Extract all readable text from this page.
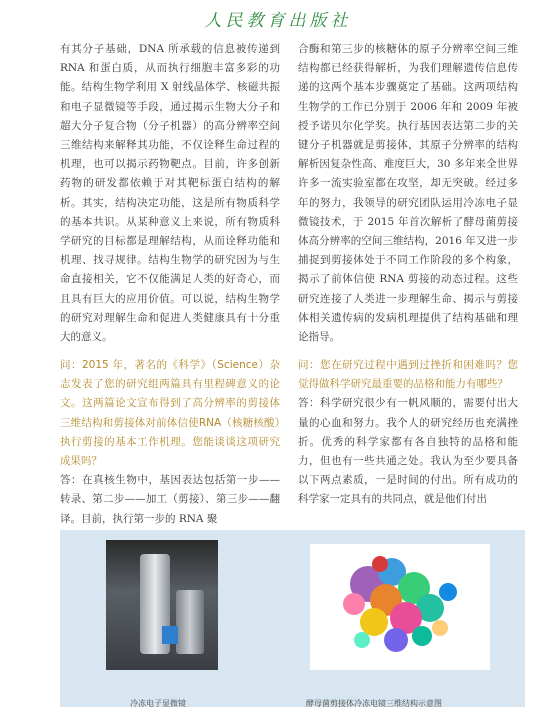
人民教育出版社

有其分子基础，DNA 所承载的信息被传递到 RNA 和蛋白质，从而执行细胞丰富多彩的功能。结构生物学利用 X 射线晶体学、核磁共振和电子显微镜等手段，通过揭示生物大分子和超大分子复合物（分子机器）的高分辨率空间三维结构来解释其功能，不仅诠释生命过程的机理，也可以揭示药物靶点。目前，许多创新药物的研发都依赖于对其靶标蛋白结构的解析。其实，结构决定功能，这是所有物质科学的基本共识。从某种意义上来说，所有物质科学研究的目标都是理解结构，从而诠释功能和机理、找寻规律。结构生物学的研究因为与生命直接相关，它不仅能满足人类的好奇心，而且具有巨大的应用价值。可以说，结构生物学的研究对理解生命和促进人类健康具有十分重大的意义。

合酶和第三步的核糖体的原子分辨率空间三维结构都已经获得解析，为我们理解遗传信息传递的这两个基本步骤奠定了基础。这两项结构生物学的工作已分别于 2006 年和 2009 年被授予诺贝尔化学奖。执行基因表达第二步的关键分子机器就是剪接体，其原子分辨率的结构解析因复杂性高、难度巨大，30 多年来全世界许多一流实验室都在攻坚，却无突破。经过多年的努力，我领导的研究团队运用冷冻电子显微镜技术，于 2015 年首次解析了酵母菌剪接体高分辨率的空间三维结构，2016 年又进一步捕捉到剪接体处于不同工作阶段的多个构象，揭示了前体信使 RNA 剪接的动态过程。这些研究连接了人类进一步理解生命、揭示与剪接体相关遗传病的发病机理提供了结构基础和理论指导。

问：2015 年，著名的《科学》（Science）杂志发表了您的研究组两篇具有里程碑意义的论文。这两篇论文宣布得到了高分辨率的剪接体三维结构和剪接体对前体信使RNA（核糖核酸）执行剪接的基本工作机理。您能谈谈这项研究成果吗？

答：在真核生物中，基因表达包括第一步——转录、第二步——加工（剪接）、第三步——翻译。目前，执行第一步的 RNA 聚

问：您在研究过程中遇到过挫折和困难吗？您觉得做科学研究最重要的品格和能力有哪些？

答：科学研究很少有一帆风顺的，需要付出大量的心血和努力。我个人的研究经历也充满挫折。优秀的科学家都有各自独特的品格和能力，但也有一些共通之处。我认为至少要具备以下两点素质，一是时间的付出。所有成功的科学家一定具有的共同点，就是他们付出

冷冻电子显微镜	酵母菌剪接体冷冻电镜三维结构示意图
